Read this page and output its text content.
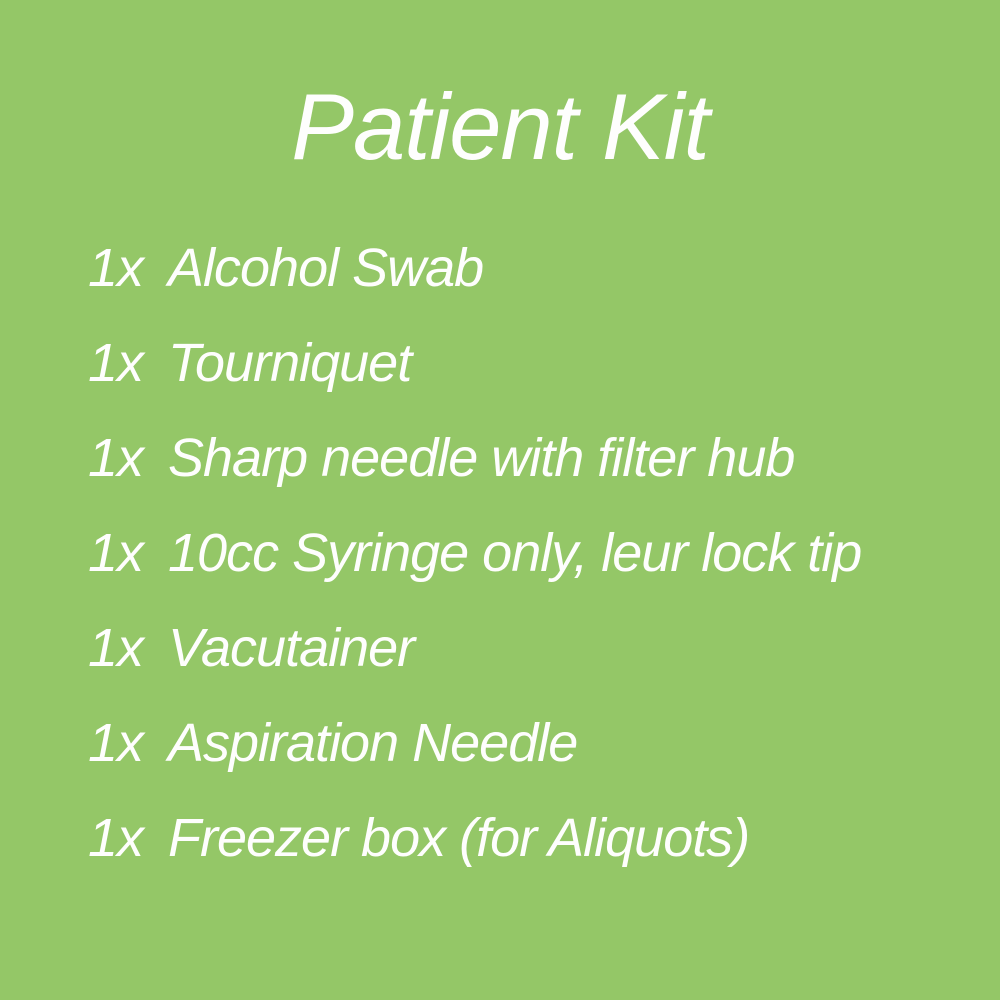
Patient Kit
1x Alcohol Swab
1x Tourniquet
1x Sharp needle with filter hub
1x 10cc Syringe only, leur lock tip
1x Vacutainer
1x Aspiration Needle
1x Freezer box (for Aliquots)
